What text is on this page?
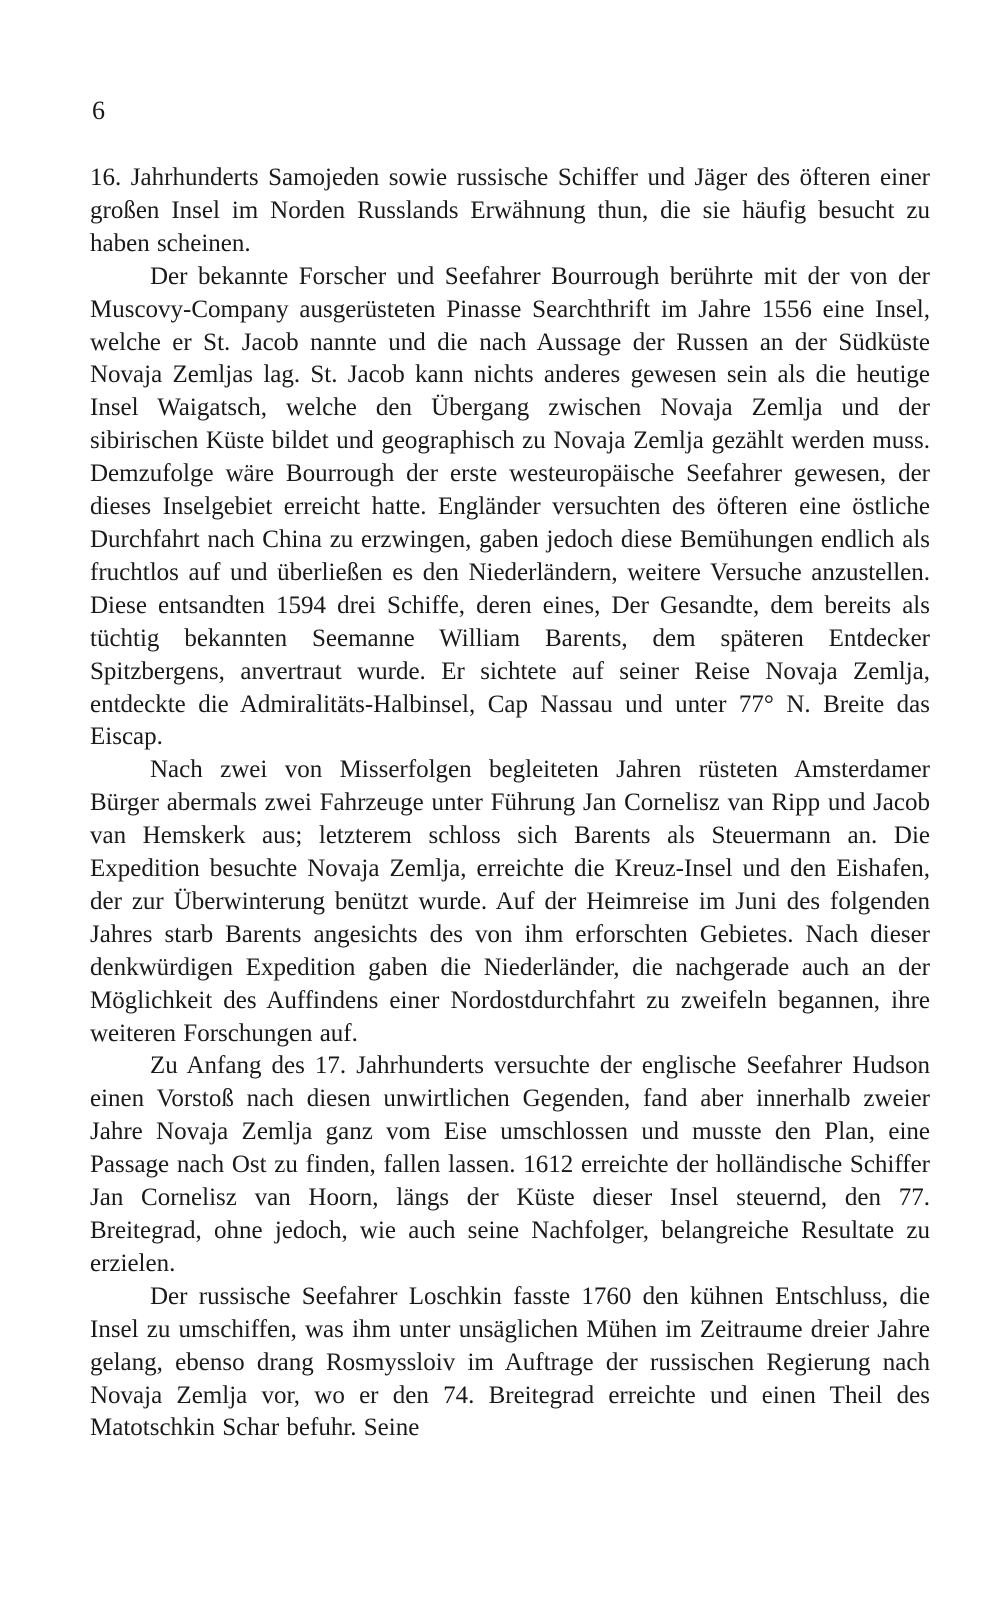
6

16. Jahrhunderts Samojeden sowie russische Schiffer und Jäger des öfteren einer großen Insel im Norden Russlands Erwähnung thun, die sie häufig besucht zu haben scheinen.

Der bekannte Forscher und Seefahrer Bourrough berührte mit der von der Muscovy-Company ausgerüsteten Pinasse Searchthrift im Jahre 1556 eine Insel, welche er St. Jacob nannte und die nach Aussage der Russen an der Südküste Novaja Zemljas lag. St. Jacob kann nichts anderes gewesen sein als die heutige Insel Waigatsch, welche den Übergang zwischen Novaja Zemlja und der sibirischen Küste bildet und geographisch zu Novaja Zemlja gezählt werden muss. Demzufolge wäre Bourrough der erste westeuropäische Seefahrer gewesen, der dieses Inselgebiet erreicht hatte. Engländer versuchten des öfteren eine östliche Durchfahrt nach China zu erzwingen, gaben jedoch diese Bemühungen endlich als fruchtlos auf und überließen es den Niederländern, weitere Versuche anzustellen. Diese entsandten 1594 drei Schiffe, deren eines, Der Gesandte, dem bereits als tüchtig bekannten Seemanne William Barents, dem späteren Entdecker Spitzbergens, anvertraut wurde. Er sichtete auf seiner Reise Novaja Zemlja, entdeckte die Admiralitäts-Halbinsel, Cap Nassau und unter 77° N. Breite das Eiscap.

Nach zwei von Misserfolgen begleiteten Jahren rüsteten Amsterdamer Bürger abermals zwei Fahrzeuge unter Führung Jan Cornelisz van Ripp und Jacob van Hemskerk aus; letzterem schloss sich Barents als Steuermann an. Die Expedition besuchte Novaja Zemlja, erreichte die Kreuz-Insel und den Eishafen, der zur Überwinterung benützt wurde. Auf der Heimreise im Juni des folgenden Jahres starb Barents angesichts des von ihm erforschten Gebietes. Nach dieser denkwürdigen Expedition gaben die Niederländer, die nachgerade auch an der Möglichkeit des Auffindens einer Nordostdurchfahrt zu zweifeln begannen, ihre weiteren Forschungen auf.

Zu Anfang des 17. Jahrhunderts versuchte der englische Seefahrer Hudson einen Vorstoß nach diesen unwirtlichen Gegenden, fand aber innerhalb zweier Jahre Novaja Zemlja ganz vom Eise umschlossen und musste den Plan, eine Passage nach Ost zu finden, fallen lassen. 1612 erreichte der holländische Schiffer Jan Cornelisz van Hoorn, längs der Küste dieser Insel steuernd, den 77. Breitegrad, ohne jedoch, wie auch seine Nachfolger, belangreiche Resultate zu erzielen.

Der russische Seefahrer Loschkin fasste 1760 den kühnen Entschluss, die Insel zu umschiffen, was ihm unter unsäglichen Mühen im Zeitraume dreier Jahre gelang, ebenso drang Rosmyssloiv im Auftrage der russischen Regierung nach Novaja Zemlja vor, wo er den 74. Breitegrad erreichte und einen Theil des Matotschkin Schar befuhr. Seine
